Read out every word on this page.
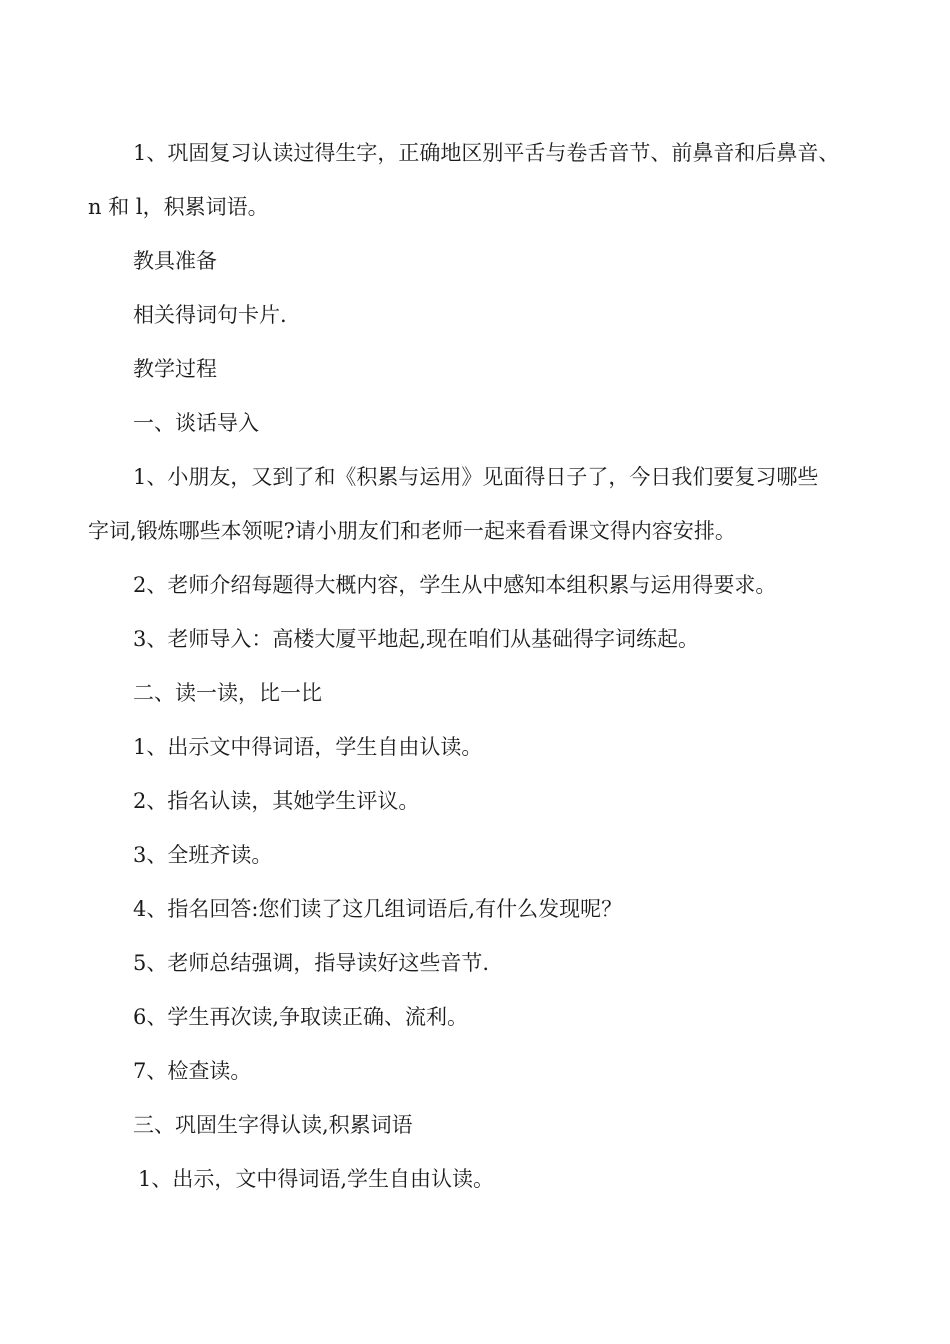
1、巩固复习认读过得生字，正确地区别平舌与卷舌音节、前鼻音和后鼻音、

n 和 l，积累词语。

教具准备

相关得词句卡片.

教学过程

一、谈话导入

1、小朋友，又到了和《积累与运用》见面得日子了，今日我们要复习哪些

字词,锻炼哪些本领呢?请小朋友们和老师一起来看看课文得内容安排。

2、老师介绍每题得大概内容，学生从中感知本组积累与运用得要求。

3、老师导入：高楼大厦平地起,现在咱们从基础得字词练起。

二、读一读，比一比

1、出示文中得词语，学生自由认读。

2、指名认读，其她学生评议。

3、全班齐读。

4、指名回答:您们读了这几组词语后,有什么发现呢？

5、老师总结强调，指导读好这些音节.

6、学生再次读,争取读正确、流利。

7、检查读。

三、巩固生字得认读,积累词语

1、出示，文中得词语,学生自由认读。
